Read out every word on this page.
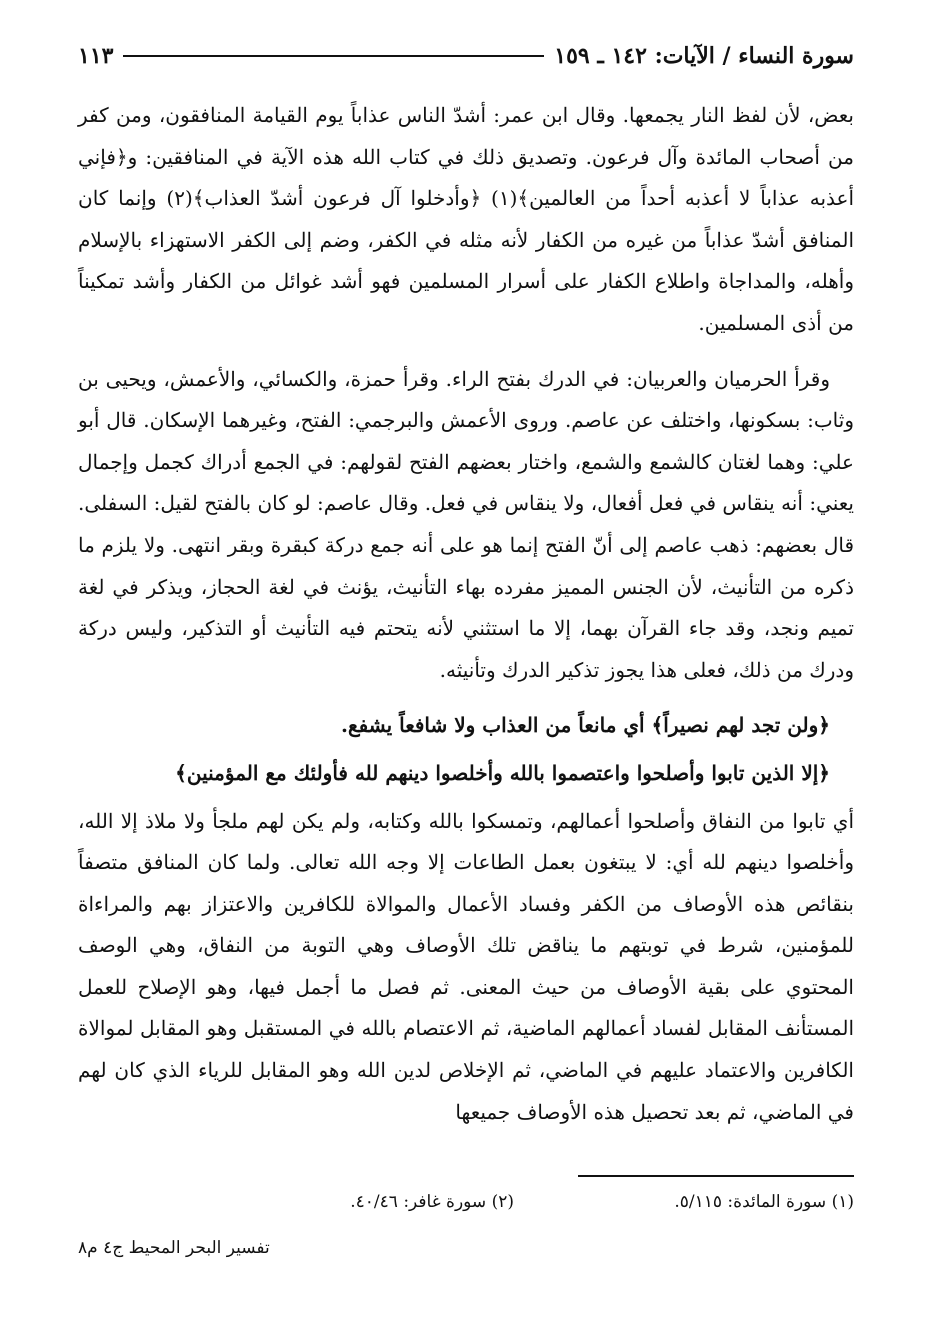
سورة النساء / الآيات: ١٤٢ ـ ١٥٩
١١٣

بعض، لأن لفظ النار يجمعها. وقال ابن عمر: أشدّ الناس عذاباً يوم القيامة المنافقون، ومن كفر من أصحاب المائدة وآل فرعون. وتصديق ذلك في كتاب الله هذه الآية في المنافقين: و﴿فإني أعذبه عذاباً لا أعذبه أحداً من العالمين﴾(١) ﴿وأدخلوا آل فرعون أشدّ العذاب﴾(٢) وإنما كان المنافق أشدّ عذاباً من غيره من الكفار لأنه مثله في الكفر، وضم إلى الكفر الاستهزاء بالإسلام وأهله، والمداجاة واطلاع الكفار على أسرار المسلمين فهو أشد غوائل من الكفار وأشد تمكيناً من أذى المسلمين.

وقرأ الحرميان والعربيان: في الدرك بفتح الراء. وقرأ حمزة، والكسائي، والأعمش، ويحيى بن وثاب: بسكونها، واختلف عن عاصم. وروى الأعمش والبرجمي: الفتح، وغيرهما الإسكان. قال أبو علي: وهما لغتان كالشمع والشمع، واختار بعضهم الفتح لقولهم: في الجمع أدراك كجمل وإجمال يعني: أنه ينقاس في فعل أفعال، ولا ينقاس في فعل. وقال عاصم: لو كان بالفتح لقيل: السفلى. قال بعضهم: ذهب عاصم إلى أنّ الفتح إنما هو على أنه جمع دركة كبقرة وبقر انتهى. ولا يلزم ما ذكره من التأنيث، لأن الجنس المميز مفرده بهاء التأنيث، يؤنث في لغة الحجاز، ويذكر في لغة تميم ونجد، وقد جاء القرآن بهما، إلا ما استثني لأنه يتحتم فيه التأنيث أو التذكير، وليس دركة ودرك من ذلك، فعلى هذا يجوز تذكير الدرك وتأنيثه.

﴿ولن تجد لهم نصيراً﴾ أي مانعاً من العذاب ولا شافعاً يشفع.

﴿إلا الذين تابوا وأصلحوا واعتصموا بالله وأخلصوا دينهم لله فأولئك مع المؤمنين﴾

أي تابوا من النفاق وأصلحوا أعمالهم، وتمسكوا بالله وكتابه، ولم يكن لهم ملجأ ولا ملاذ إلا الله، وأخلصوا دينهم لله أي: لا يبتغون بعمل الطاعات إلا وجه الله تعالى. ولما كان المنافق متصفاً بنقائص هذه الأوصاف من الكفر وفساد الأعمال والموالاة للكافرين والاعتزاز بهم والمراءاة للمؤمنين، شرط في توبتهم ما يناقض تلك الأوصاف وهي التوبة من النفاق، وهي الوصف المحتوي على بقية الأوصاف من حيث المعنى. ثم فصل ما أجمل فيها، وهو الإصلاح للعمل المستأنف المقابل لفساد أعمالهم الماضية، ثم الاعتصام بالله في المستقبل وهو المقابل لموالاة الكافرين والاعتماد عليهم في الماضي، ثم الإخلاص لدين الله وهو المقابل للرياء الذي كان لهم في الماضي، ثم بعد تحصيل هذه الأوصاف جميعها

(١) سورة المائدة: ٥/١١٥.
(٢) سورة غافر: ٤٠/٤٦.
تفسير البحر المحيط ج٤ م٨
